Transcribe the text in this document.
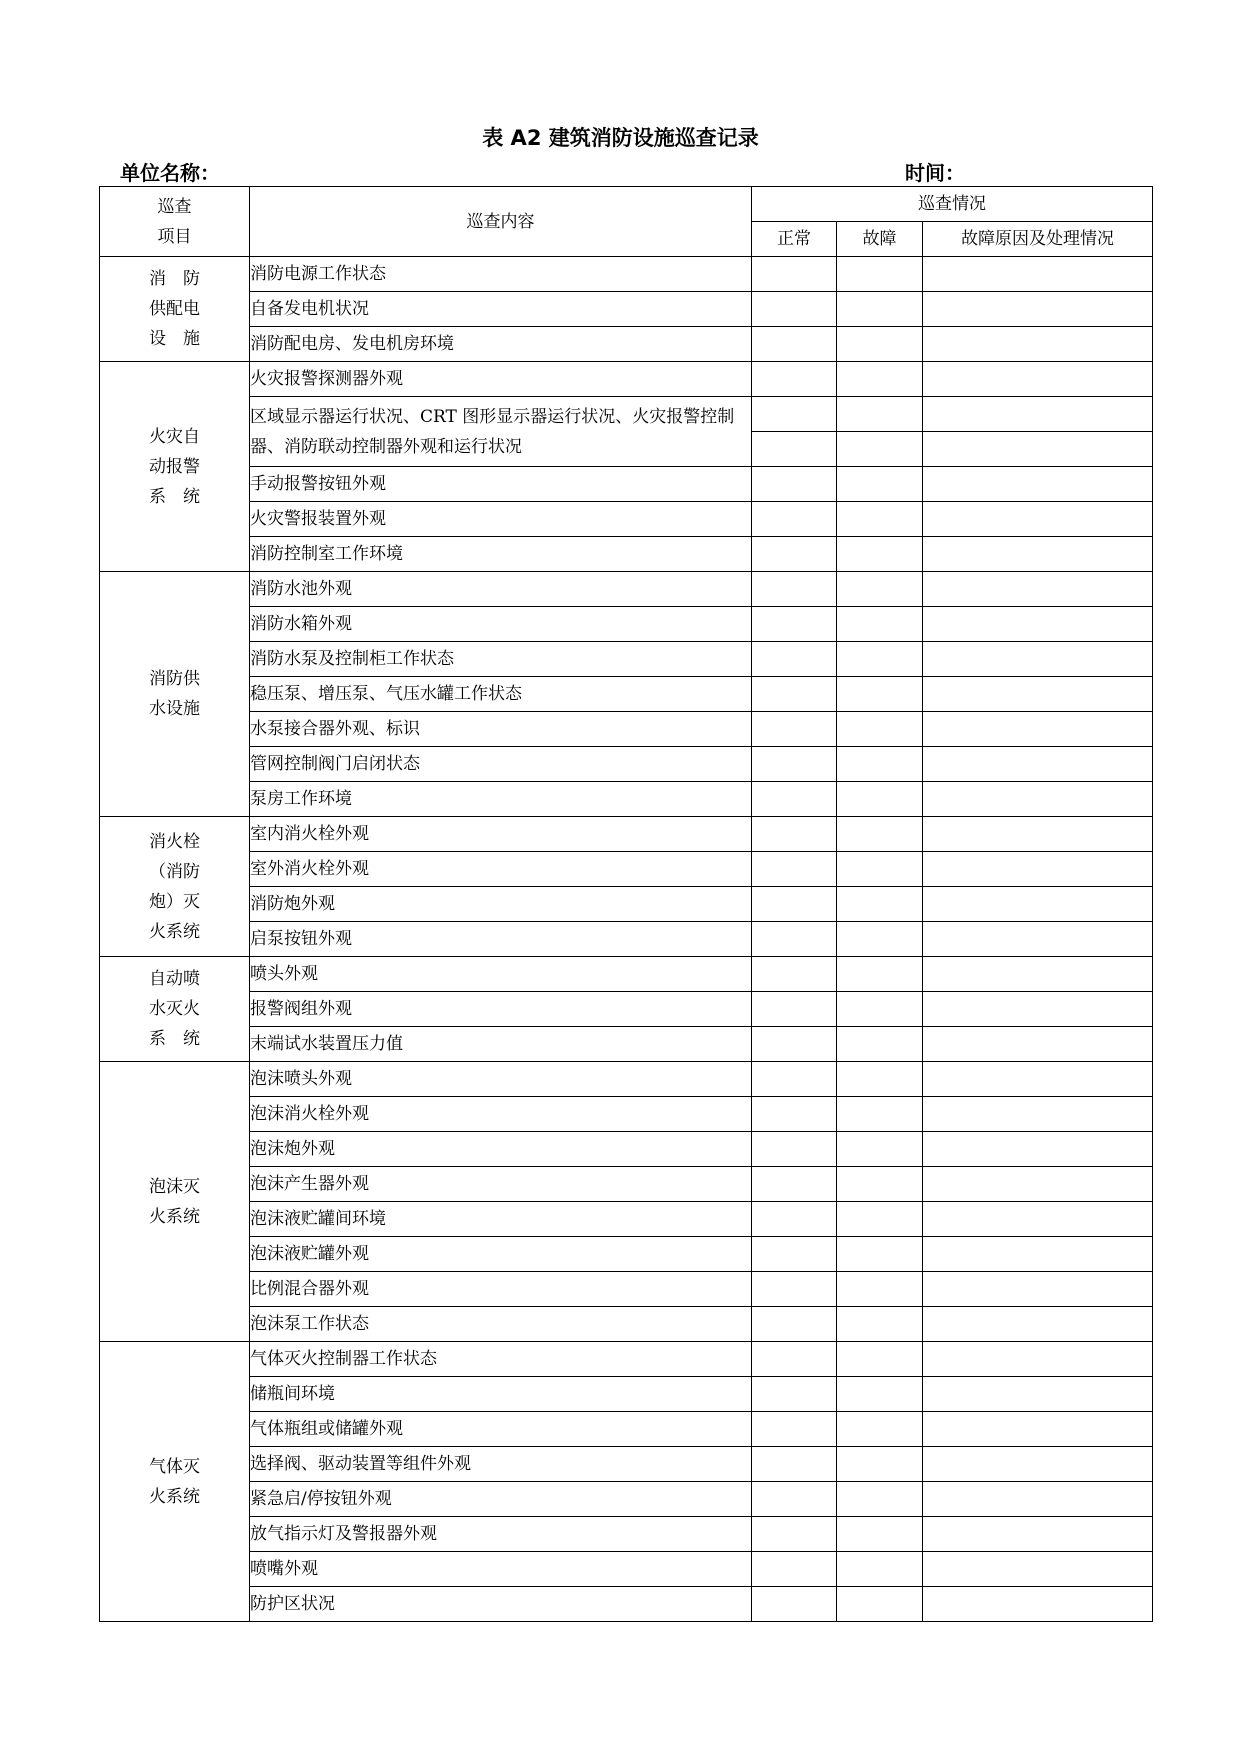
表 A2 建筑消防设施巡查记录
单位名称：	时间：
巡查
项目	巡查内容	巡查情况		
		正常	故障	故障原因及处理情况
消　防
供配电
设　施	消防电源工作状态			
	自备发电机状况			
	消防配电房、发电机房环境			
火灾自
动报警
系　统	火灾报警探测器外观			
	区域显示器运行状况、CRT 图形显示器运行状况、火灾报警控制器、消防联动控制器外观和运行状况			

	手动报警按钮外观			
	火灾警报装置外观			
	消防控制室工作环境			
消防供
水设施	消防水池外观			
	消防水箱外观			
	消防水泵及控制柜工作状态			
	稳压泵、增压泵、气压水罐工作状态			
	水泵接合器外观、标识			
	管网控制阀门启闭状态			
	泵房工作环境			
消火栓
（消防
炮）灭
火系统	室内消火栓外观			
	室外消火栓外观			
	消防炮外观			
	启泵按钮外观			
自动喷
水灭火
系　统	喷头外观			
	报警阀组外观			
	末端试水装置压力值			
泡沫灭
火系统	泡沫喷头外观			
	泡沫消火栓外观			
	泡沫炮外观			
	泡沫产生器外观			
	泡沫液贮罐间环境			
	泡沫液贮罐外观			
	比例混合器外观			
	泡沫泵工作状态			
气体灭
火系统	气体灭火控制器工作状态			
	储瓶间环境			
	气体瓶组或储罐外观			
	选择阀、驱动装置等组件外观			
	紧急启/停按钮外观			
	放气指示灯及警报器外观			
	喷嘴外观			
	防护区状况			
